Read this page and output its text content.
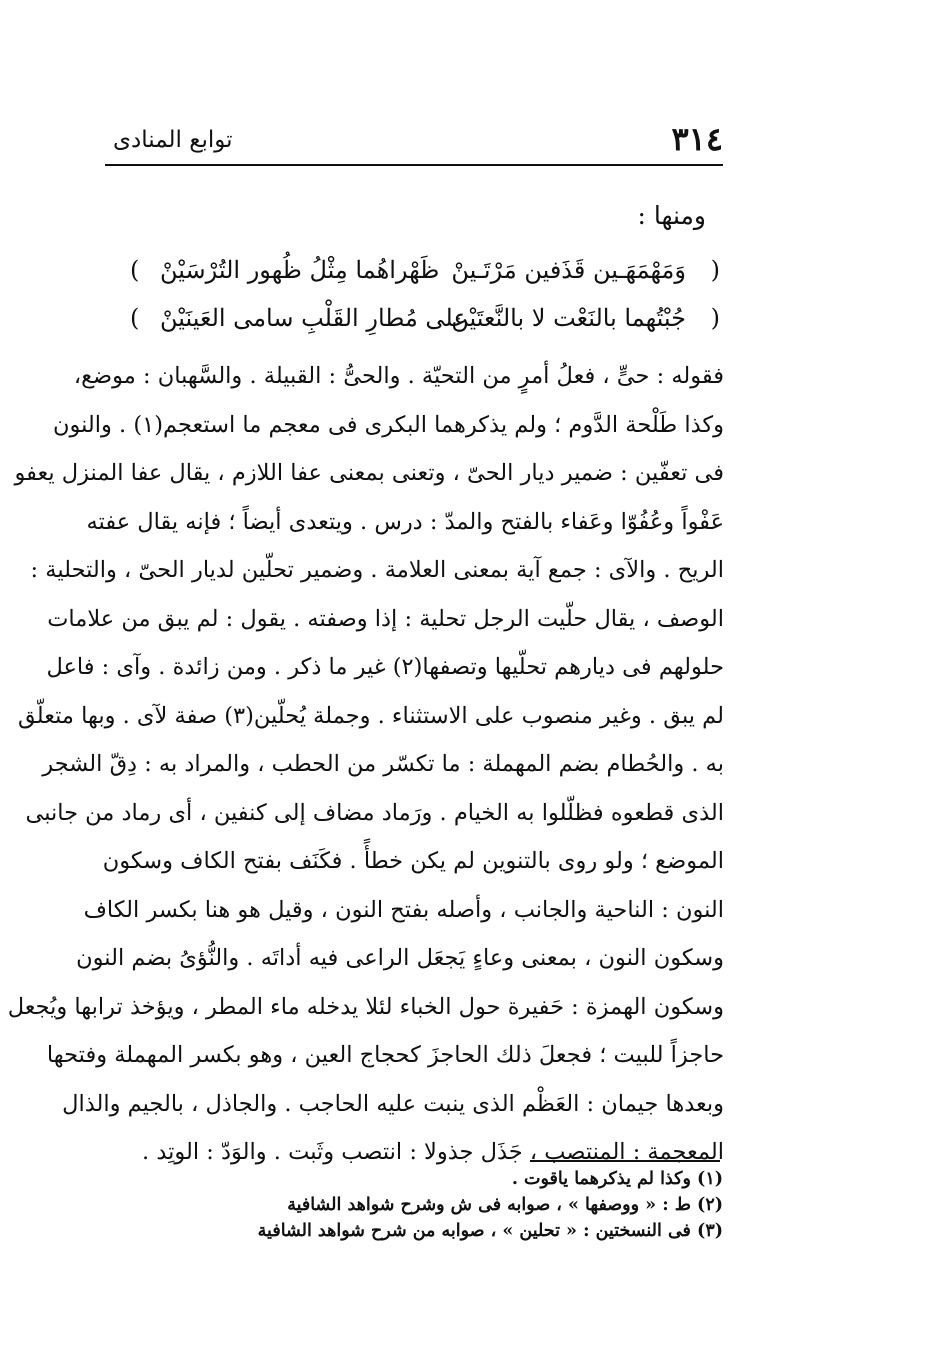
٣١٤
توابع المنادى
ومنها :
(
وَمَهْمَهَـين قَذَفين مَرْتَـينْ
ظَهْراهُما مِثْلُ ظُهور التُرْسَيْنْ
)
(
جُبْتُهما بالنَعْت لا بالنَّعتَيْن
على مُطارِ القَلْبِ سامى العَينَيْنْ
)
فقوله : حىٍّ ، فعلُ أمرٍ من التحيّة . والحىُّ : القبيلة . والسَّهبان : موضع،
وكذا طَلْحة الدَّوم ؛ ولم يذكرهما البكرى فى معجم ما استعجم(١) . والنون
فى تعفّين : ضمير ديار الحىّ ، وتعنى بمعنى عفا اللازم ، يقال عفا المنزل يعفو
عَفْواً وعُفُوّا وعَفاء بالفتح والمدّ : درس . ويتعدى أيضاً ؛ فإنه يقال عفته
الريح . والآى : جمع آية بمعنى العلامة . وضمير تحلّين لديار الحىّ ، والتحلية :
الوصف ، يقال حلّيت الرجل تحلية : إذا وصفته . يقول : لم يبق من علامات
حلولهم فى ديارهم تحلّيها وتصفها(٢) غير ما ذكر . ومن زائدة . وآى : فاعل
لم يبق . وغير منصوب على الاستثناء . وجملة يُحلّين(٣) صفة لآى . وبها متعلّق
به . والحُطام بضم المهملة : ما تكسّر من الحطب ، والمراد به : دِقّ الشجر
الذى قطعوه فظلّلوا به الخيام . ورَماد مضاف إلى كنفين ، أى رماد من جانبى
الموضع ؛ ولو روى بالتنوين لم يكن خطأً . فكَنَف بفتح الكاف وسكون
النون : الناحية والجانب ، وأصله بفتح النون ، وقيل هو هنا بكسر الكاف
وسكون النون ، بمعنى وعاءٍ يَجعَل الراعى فيه أداتَه . والنُّؤىُ بضم النون
وسكون الهمزة : حَفيرة حول الخباء لئلا يدخله ماء المطر ، ويؤخذ ترابها ويُجعل
حاجزاً للبيت ؛ فجعلَ ذلك الحاجزَ كحجاج العين ، وهو بكسر المهملة وفتحها
وبعدها جيمان : العَظْم الذى ينبت عليه الحاجب . والجاذل ، بالجيم والذال
المعجمة : المنتصب ، جَذَل جذولا : انتصب وثَبت . والوَدّ : الوتِد .
(١) وكذا لم يذكرهما ياقوت .
(٢) ط : « ووصفها » ، صوابه فى ش وشرح شواهد الشافية
(٣) فى النسختين : « تحلين » ، صوابه من شرح شواهد الشافية
